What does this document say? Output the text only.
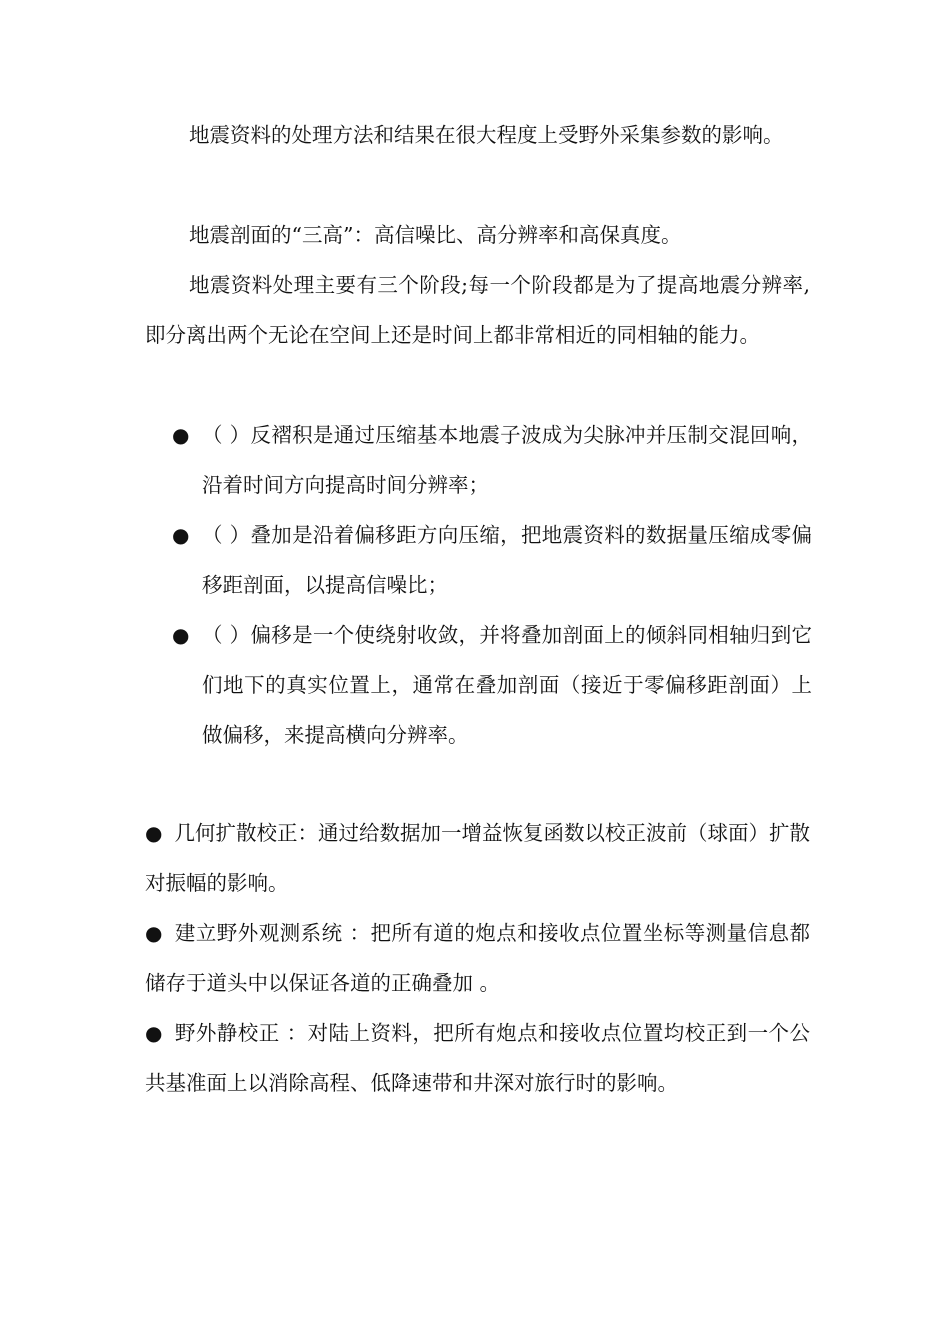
地震资料的处理方法和结果在很大程度上受野外采集参数的影响。

地震剖面的“三高”：高信噪比、高分辨率和高保真度。

地震资料处理主要有三个阶段;每一个阶段都是为了提高地震分辨率,即分离出两个无论在空间上还是时间上都非常相近的同相轴的能力。

● （ ）反褶积是通过压缩基本地震子波成为尖脉冲并压制交混回响，沿着时间方向提高时间分辨率；
● （ ）叠加是沿着偏移距方向压缩，把地震资料的数据量压缩成零偏移距剖面，以提高信噪比；
● （ ）偏移是一个使绕射收敛，并将叠加剖面上的倾斜同相轴归到它们地下的真实位置上，通常在叠加剖面（接近于零偏移距剖面）上做偏移，来提高横向分辨率。

● 几何扩散校正：通过给数据加一增益恢复函数以校正波前（球面）扩散对振幅的影响。

● 建立野外观测系统 ：把所有道的炮点和接收点位置坐标等测量信息都储存于道头中以保证各道的正确叠加 。

● 野外静校正 ：对陆上资料，把所有炮点和接收点位置均校正到一个公共基准面上以消除高程、低降速带和井深对旅行时的影响。
